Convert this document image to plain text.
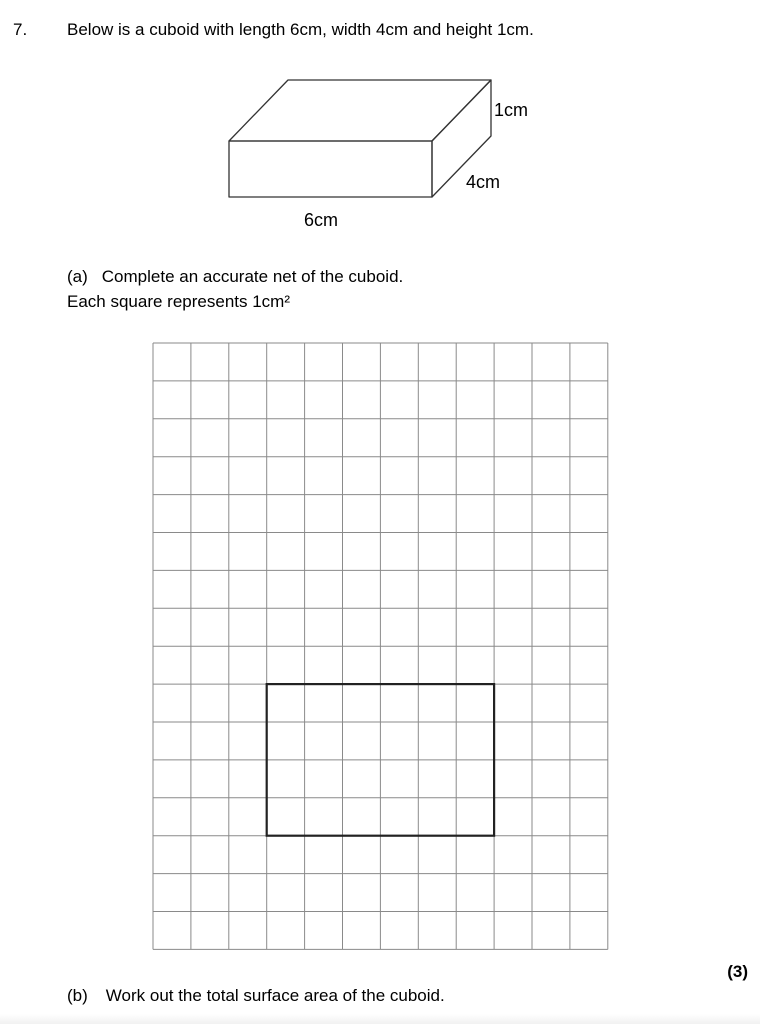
7. Below is a cuboid with length 6cm, width 4cm and height 1cm.
1cm
4cm
6cm
(a) Complete an accurate net of the cuboid.
Each square represents 1cm²
(3)
(b) Work out the total surface area of the cuboid.
